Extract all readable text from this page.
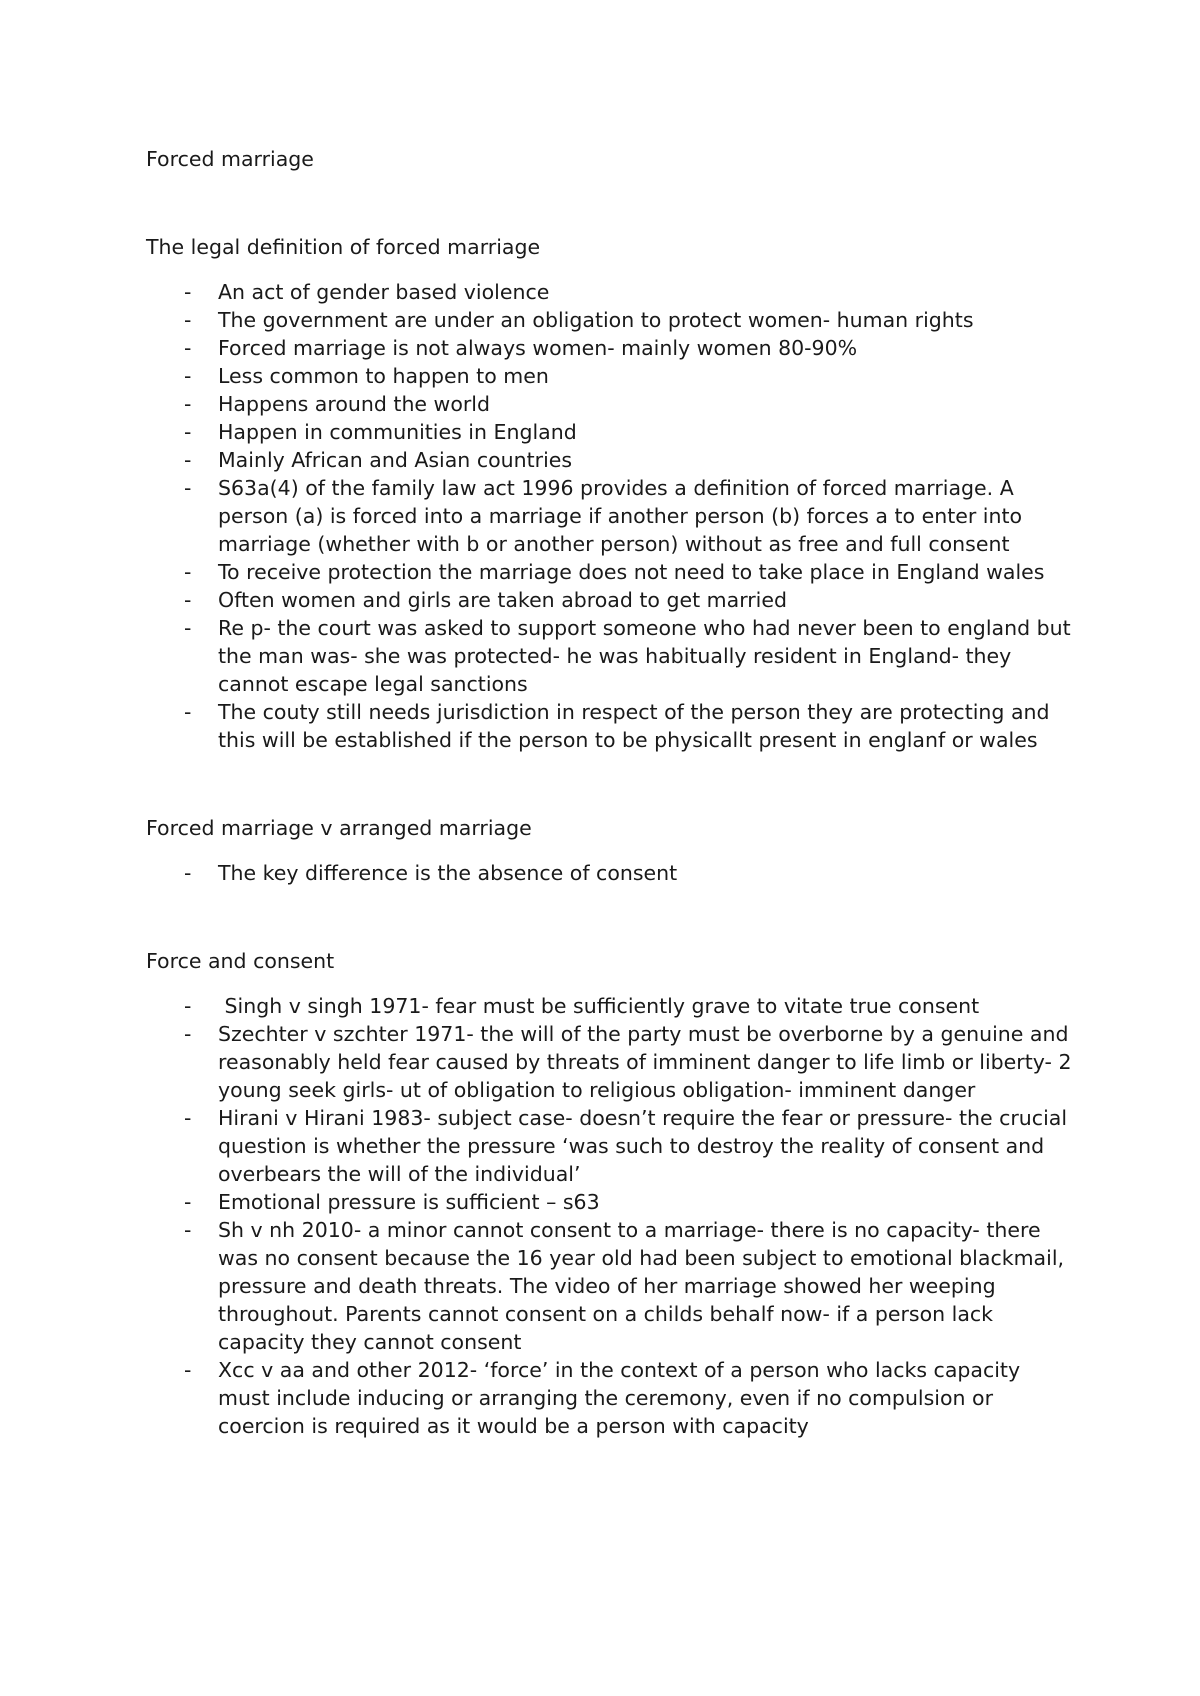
Forced marriage
The legal definition of forced marriage
- An act of gender based violence
- The government are under an obligation to protect women- human rights
- Forced marriage is not always women- mainly women 80-90%
- Less common to happen to men
- Happens around the world
- Happen in communities in England
- Mainly African and Asian countries
- S63a(4) of the family law act 1996 provides a definition of forced marriage. A person (a) is forced into a marriage if another person (b) forces a to enter into marriage (whether with b or another person) without as free and full consent
- To receive protection the marriage does not need to take place in England wales
- Often women and girls are taken abroad to get married
- Re p- the court was asked to support someone who had never been to england but the man was- she was protected- he was habitually resident in England- they cannot escape legal sanctions
- The couty still needs jurisdiction in respect of the person they are protecting and this will be established if the person to be physicallt present in englanf or wales
Forced marriage v arranged marriage
- The key difference is the absence of consent
Force and consent
- Singh v singh 1971- fear must be sufficiently grave to vitate true consent
- Szechter v szchter 1971- the will of the party must be overborne by a genuine and reasonably held fear caused by threats of imminent danger to life limb or liberty- 2 young seek girls- ut of obligation to religious obligation- imminent danger
- Hirani v Hirani 1983- subject case- doesn’t require the fear or pressure- the crucial question is whether the pressure ‘was such to destroy the reality of consent and overbears the will of the individual’
- Emotional pressure is sufficient – s63
- Sh v nh 2010- a minor cannot consent to a marriage- there is no capacity- there was no consent because the 16 year old had been subject to emotional blackmail, pressure and death threats. The video of her marriage showed her weeping throughout. Parents cannot consent on a childs behalf now- if a person lack capacity they cannot consent
- Xcc v aa and other 2012- ‘force’ in the context of a person who lacks capacity must include inducing or arranging the ceremony, even if no compulsion or coercion is required as it would be a person with capacity
